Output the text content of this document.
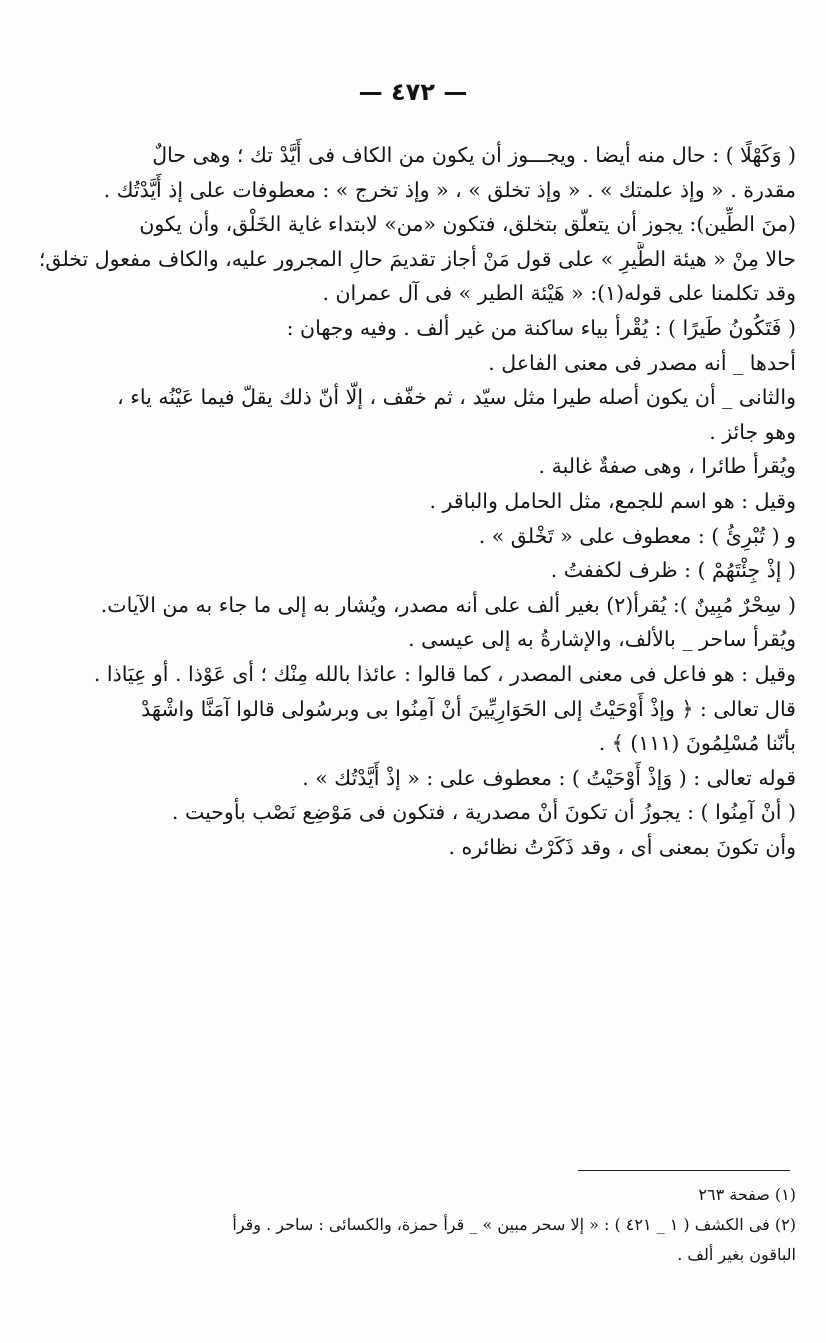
— ٤٧٢ —
( وَكَهْلًا ) : حال منه أيضا . ويجـــوز أن يكون من الكاف فى أَيَّدْ تك ؛ وهى حالٌ
مقدرة . « وإذ علمتك » . « وإذ تخلق » ، « وإذ تخرج » : معطوفات على إذ أَيَّدْتُك .
(منَ الطِّين): يجوز أن يتعلّق بتخلق، فتكون «من» لابتداء غاية الخَلْق، وأن يكون
حالا مِنْ « هيئة الطَّيرِ » على قول مَنْ أجاز تقديمَ حالِ المجرور عليه، والكاف مفعول تخلق؛
وقد تكلمنا على قوله(١): « هَيْئة الطير » فى آل عمران .
( فَتَكُونُ طَيرًا ) : يُقْرأ بياء ساكنة من غير ألف . وفيه وجهان :
أحدها _ أنه مصدر فى معنى الفاعل .
والثانى _ أن يكون أصله طيرا مثل سيّد ، ثم خفّف ، إلّا أنّ ذلك يقلّ فيما عَيْنُه ياء ،
وهو جائز .
ويُقرأ طائرا ، وهى صفةٌ غالبة .
وقيل : هو اسم للجمع، مثل الحامل والباقر .
و ( تُبْرِئُ ) : معطوف على « تَخْلق » .
( إذْ جِئْتَهُمْ ) : ظرف لكففتُ .
( سِحْرٌ مُبِينٌ ): يُقرأ(٢) بغير ألف على أنه مصدر، ويُشار به إلى ما جاء به من الآيات.
ويُقرأ ساحر _ بالألف، والإشارةُ به إلى عيسى .
وقيل : هو فاعل فى معنى المصدر ، كما قالوا : عائذا بالله مِنْك ؛ أى عَوْذا . أو عِيَاذا .
قال تعالى : ﴿ وإذْ أَوْحَيْتُ إلى الحَوَارِيِّينَ أنْ آمِنُوا بى وبرسُولى قالوا آمَنَّا واشْهَدْ
بأنّنا مُسْلِمُونَ (١١١) ﴾ .
قوله تعالى : ( وَإذْ أَوْحَيْتُ ) : معطوف على : « إذْ أَيَّدْتُك » .
( أنْ آمِنُوا ) : يجوزُ أن تكونَ أنْ مصدرية ، فتكون فى مَوْضِع نَصْب بأوحيت .
وأن تكونَ بمعنى أى ، وقد ذَكَرْتُ نظائره .
(١) صفحة ٢٦٣
(٢) فى الكشف ( ١ _ ٤٢١ ) : « إلا سحر مبين » _ قرأ حمزة، والكسائى : ساحر . وقرأ
الباقون بغير ألف .
